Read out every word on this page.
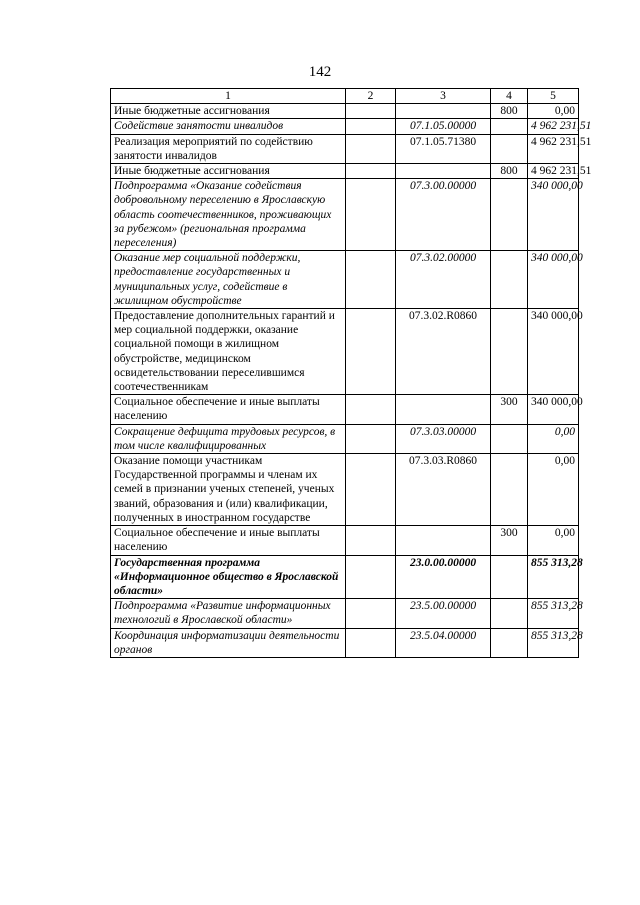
142
1	2	3	4	5
Иные бюджетные ассигнования			800	0,00
Содействие занятости инвалидов		07.1.05.00000		4 962 231,51
Реализация мероприятий по содействию занятости инвалидов		07.1.05.71380		4 962 231,51
Иные бюджетные ассигнования			800	4 962 231,51
Подпрограмма «Оказание содействия добровольному переселению в Ярославскую область соотечественников, проживающих за рубежом» (региональная программа переселения)		07.3.00.00000		340 000,00
Оказание мер социальной поддержки, предоставление государственных и муниципальных услуг, содействие в жилищном обустройстве		07.3.02.00000		340 000,00
Предоставление дополнительных гарантий и мер социальной поддержки, оказание социальной помощи в жилищном обустройстве, медицинском освидетельствовании переселившимся соотечественникам		07.3.02.R0860		340 000,00
Социальное обеспечение и иные выплаты населению			300	340 000,00
Сокращение дефицита трудовых ресурсов, в том числе квалифицированных		07.3.03.00000		0,00
Оказание помощи участникам Государственной программы и членам их семей в признании ученых степеней, ученых званий, образования и (или) квалификации, полученных в иностранном государстве		07.3.03.R0860		0,00
Социальное обеспечение и иные выплаты населению			300	0,00
Государственная программа «Информационное общество в Ярославской области»		23.0.00.00000		855 313,28
Подпрограмма «Развитие информационных технологий в Ярославской области»		23.5.00.00000		855 313,28
Координация информатизации деятельности органов		23.5.04.00000		855 313,28
